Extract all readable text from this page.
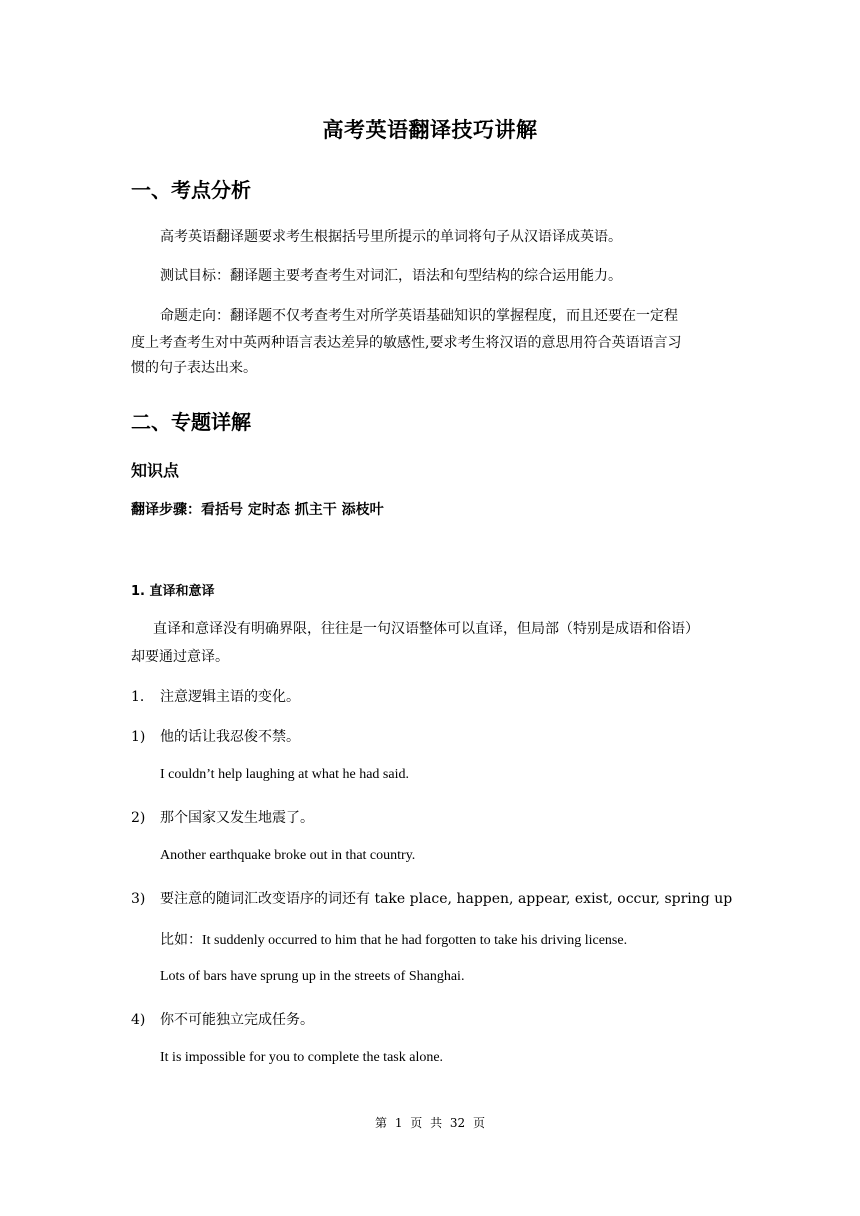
高考英语翻译技巧讲解
一、考点分析
高考英语翻译题要求考生根据括号里所提示的单词将句子从汉语译成英语。
测试目标：翻译题主要考查考生对词汇，语法和句型结构的综合运用能力。
命题走向：翻译题不仅考查考生对所学英语基础知识的掌握程度，而且还要在一定程
度上考查考生对中英两种语言表达差异的敏感性,要求考生将汉语的意思用符合英语语言习
惯的句子表达出来。
二、专题详解
知识点
翻译步骤：看括号 定时态 抓主干 添枝叶
1. 直译和意译
直译和意译没有明确界限，往往是一句汉语整体可以直译，但局部（特别是成语和俗语）
却要通过意译。
1． 注意逻辑主语的变化。
1) 他的话让我忍俊不禁。
I couldn’t help laughing at what he had said.
2) 那个国家又发生地震了。
Another earthquake broke out in that country.
3) 要注意的随词汇改变语序的词还有 take place, happen, appear, exist, occur, spring up
比如：It suddenly occurred to him that he had forgotten to take his driving license.
Lots of bars have sprung up in the streets of Shanghai.
4) 你不可能独立完成任务。
It is impossible for you to complete the task alone.
第 1 页 共 32 页
